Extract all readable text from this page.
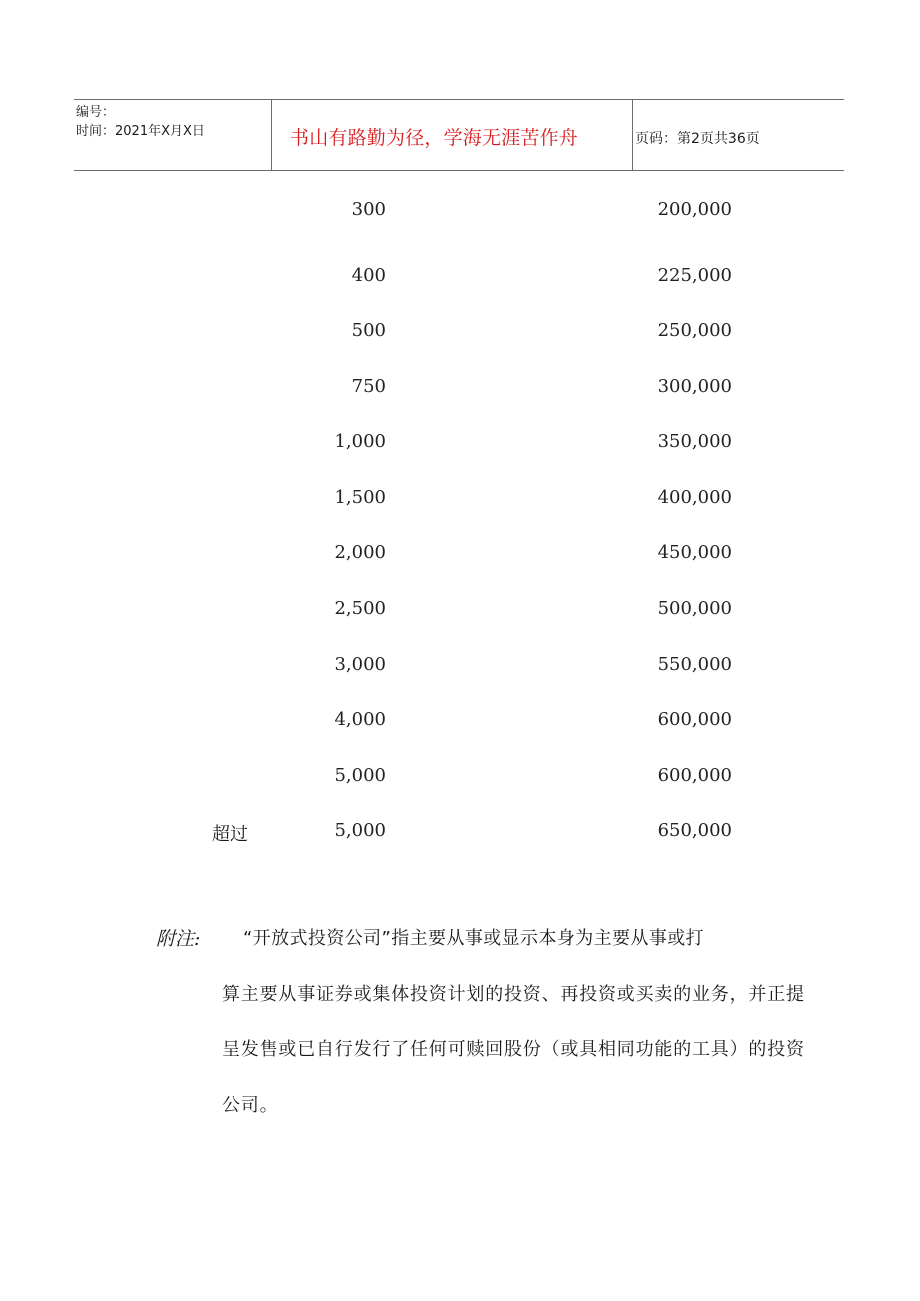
编号：
时间：2021年X月X日	书山有路勤为径，学海无涯苦作舟	页码：第2页共36页
300	200,000
400	225,000
500	250,000
750	300,000
1,000	350,000
1,500	400,000
2,000	450,000
2,500	500,000
3,000	550,000
4,000	600,000
5,000	600,000
超过	5,000	650,000
附注: “开放式投资公司”指主要从事或显示本身为主要从事或打
算主要从事证券或集体投资计划的投资、再投资或买卖的业务，并正提
呈发售或已自行发行了任何可赎回股份（或具相同功能的工具）的投资
公司。
